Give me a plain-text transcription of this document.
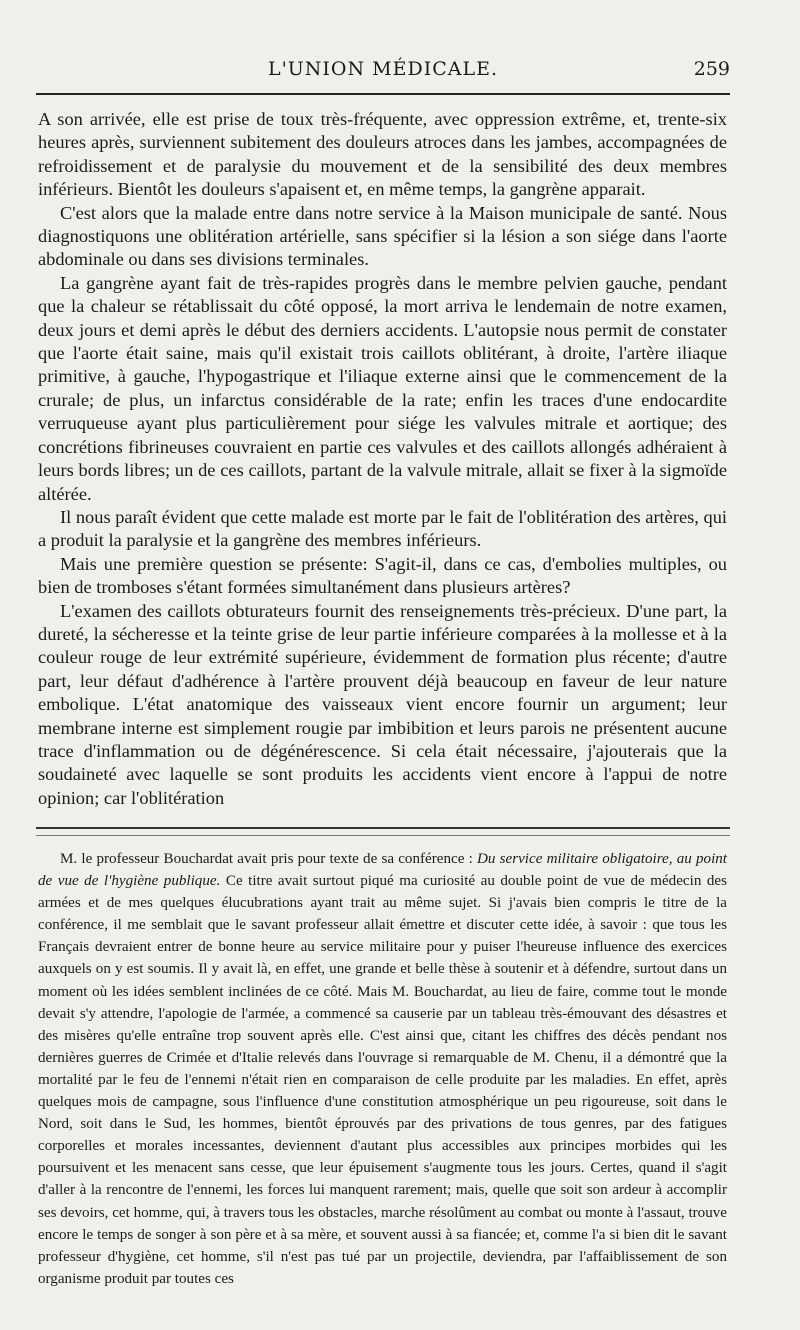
L'UNION MÉDICALE.	259

A son arrivée, elle est prise de toux très-fréquente, avec oppression extrême, et, trente-six heures après, surviennent subitement des douleurs atroces dans les jambes, accompagnées de refroidissement et de paralysie du mouvement et de la sensibilité des deux membres inférieurs. Bientôt les douleurs s'apaisent et, en même temps, la gangrène apparait.

C'est alors que la malade entre dans notre service à la Maison municipale de santé. Nous diagnostiquons une oblitération artérielle, sans spécifier si la lésion a son siége dans l'aorte abdominale ou dans ses divisions terminales.

La gangrène ayant fait de très-rapides progrès dans le membre pelvien gauche, pendant que la chaleur se rétablissait du côté opposé, la mort arriva le lendemain de notre examen, deux jours et demi après le début des derniers accidents. L'autopsie nous permit de constater que l'aorte était saine, mais qu'il existait trois caillots oblitérant, à droite, l'artère iliaque primitive, à gauche, l'hypogastrique et l'iliaque externe ainsi que le commencement de la crurale; de plus, un infarctus considérable de la rate; enfin les traces d'une endocardite verruqueuse ayant plus particulièrement pour siége les valvules mitrale et aortique; des concrétions fibrineuses couvraient en partie ces valvules et des caillots allongés adhéraient à leurs bords libres; un de ces caillots, partant de la valvule mitrale, allait se fixer à la sigmoïde altérée.

Il nous paraît évident que cette malade est morte par le fait de l'oblitération des artères, qui a produit la paralysie et la gangrène des membres inférieurs.

Mais une première question se présente: S'agit-il, dans ce cas, d'embolies multiples, ou bien de tromboses s'étant formées simultanément dans plusieurs artères?

L'examen des caillots obturateurs fournit des renseignements très-précieux. D'une part, la dureté, la sécheresse et la teinte grise de leur partie inférieure comparées à la mollesse et à la couleur rouge de leur extrémité supérieure, évidemment de formation plus récente; d'autre part, leur défaut d'adhérence à l'artère prouvent déjà beaucoup en faveur de leur nature embolique. L'état anatomique des vaisseaux vient encore fournir un argument; leur membrane interne est simplement rougie par imbibition et leurs parois ne présentent aucune trace d'inflammation ou de dégénérescence. Si cela était nécessaire, j'ajouterais que la soudaineté avec laquelle se sont produits les accidents vient encore à l'appui de notre opinion; car l'oblitération

M. le professeur Bouchardat avait pris pour texte de sa conférence : Du service militaire obligatoire, au point de vue de l'hygiène publique. Ce titre avait surtout piqué ma curiosité au double point de vue de médecin des armées et de mes quelques élucubrations ayant trait au même sujet. Si j'avais bien compris le titre de la conférence, il me semblait que le savant professeur allait émettre et discuter cette idée, à savoir : que tous les Français devraient entrer de bonne heure au service militaire pour y puiser l'heureuse influence des exercices auxquels on y est soumis. Il y avait là, en effet, une grande et belle thèse à soutenir et à défendre, surtout dans un moment où les idées semblent inclinées de ce côté. Mais M. Bouchardat, au lieu de faire, comme tout le monde devait s'y attendre, l'apologie de l'armée, a commencé sa causerie par un tableau très-émouvant des désastres et des misères qu'elle entraîne trop souvent après elle. C'est ainsi que, citant les chiffres des décès pendant nos dernières guerres de Crimée et d'Italie relevés dans l'ouvrage si remarquable de M. Chenu, il a démontré que la mortalité par le feu de l'ennemi n'était rien en comparaison de celle produite par les maladies. En effet, après quelques mois de campagne, sous l'influence d'une constitution atmosphérique un peu rigoureuse, soit dans le Nord, soit dans le Sud, les hommes, bientôt éprouvés par des privations de tous genres, par des fatigues corporelles et morales incessantes, deviennent d'autant plus accessibles aux principes morbides qui les poursuivent et les menacent sans cesse, que leur épuisement s'augmente tous les jours. Certes, quand il s'agit d'aller à la rencontre de l'ennemi, les forces lui manquent rarement; mais, quelle que soit son ardeur à accomplir ses devoirs, cet homme, qui, à travers tous les obstacles, marche résolûment au combat ou monte à l'assaut, trouve encore le temps de songer à son père et à sa mère, et souvent aussi à sa fiancée; et, comme l'a si bien dit le savant professeur d'hygiène, cet homme, s'il n'est pas tué par un projectile, deviendra, par l'affaiblissement de son organisme produit par toutes ces
